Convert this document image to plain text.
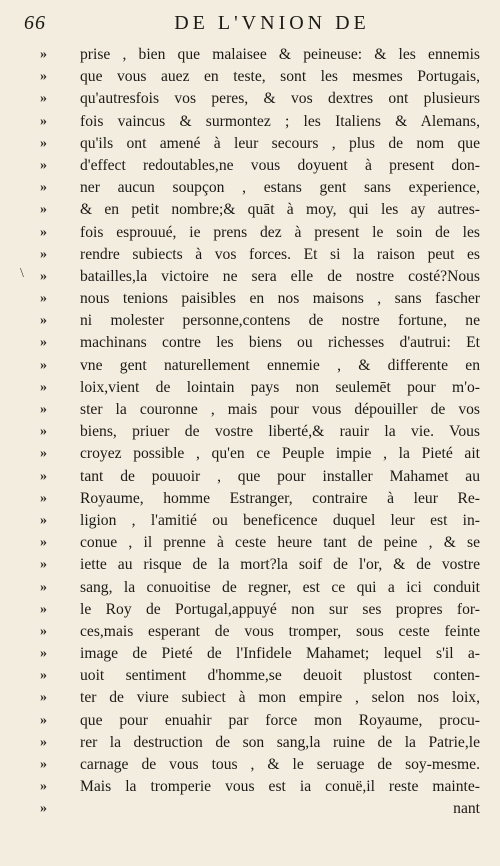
66	DE L'VNION DE
\
»
»
»
»
»
»
»
»
»
»
»
»
»
»
»
»
»
»
»
»
»
»
»
»
»
»
»
»
»
»
»
»
»
»
»
prise , bien que malaisee & peineuse: & les ennemis
que vous auez en teste, sont les mesmes Portugais,
qu'autresfois vos peres, & vos dextres ont plusieurs
fois vaincus & surmontez ; les Italiens & Alemans,
qu'ils ont amené à leur secours , plus de nom que
d'effect redoutables,ne vous doyuent à present don-
ner aucun soupçon , estans gent sans experience,
& en petit nombre;& quāt à moy, qui les ay autres-
fois esprouué, ie prens dez à present le soin de les
rendre subiects à vos forces. Et si la raison peut es
batailles,la victoire ne sera elle de nostre costé?Nous
nous tenions paisibles en nos maisons , sans fascher
ni molester personne,contens de nostre fortune, ne
machinans contre les biens ou richesses d'autrui: Et
vne gent naturellement ennemie , & differente en
loix,vient de lointain pays non seulemēt pour m'o-
ster la couronne , mais pour vous dépouiller de vos
biens, priuer de vostre liberté,& rauir la vie. Vous
croyez possible , qu'en ce Peuple impie , la Pieté ait
tant de pouuoir , que pour installer Mahamet au
Royaume, homme Estranger, contraire à leur Re-
ligion , l'amitié ou beneficence duquel leur est in-
conue , il prenne à ceste heure tant de peine , & se
iette au risque de la mort?la soif de l'or, & de vostre
sang, la conuoitise de regner, est ce qui a ici conduit
le Roy de Portugal,appuyé non sur ses propres for-
ces,mais esperant de vous tromper, sous ceste feinte
image de Pieté de l'Infidele Mahamet; lequel s'il a-
uoit sentiment d'homme,se deuoit plustost conten-
ter de viure subiect à mon empire , selon nos loix,
que pour enuahir par force mon Royaume, procu-
rer la destruction de son sang,la ruine de la Patrie,le
carnage de vous tous , & le seruage de soy-mesme.
Mais la tromperie vous est ia conuë,il reste mainte-
nant
